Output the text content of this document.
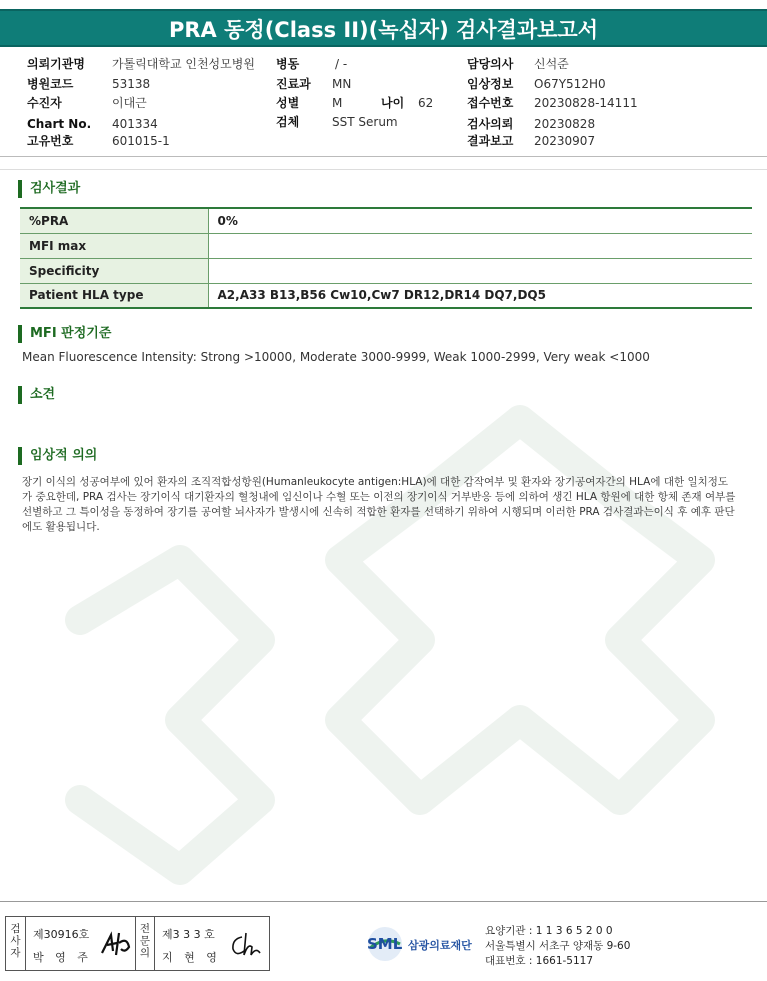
PRA 동정(Class II)(녹십자) 검사결과보고서
의뢰기관명 가톨릭대학교 인천성모병원
병원코드	53138
수진자	이대근
Chart No. 401334
고유번호	601015-1
병동	/ -
진료과 MN
성별	M	나이 62
검체	SST Serum
담당의사 신석준
임상정보 O67Y512H0
접수번호 20230828-14111
검사의뢰 20230828
결과보고 20230907
검사결과
%PRA	0%
MFI max	
Specificity	
Patient HLA type	A2,A33 B13,B56 Cw10,Cw7 DR12,DR14 DQ7,DQ5
MFI 판정기준
Mean Fluorescence Intensity: Strong >10000, Moderate 3000-9999, Weak 1000-2999, Very weak <1000
소견
임상적 의의
장기 이식의 성공여부에 있어 환자의 조직적합성항원(Humanleukocyte antigen:HLA)에 대한 감작여부 및 환자와 장기공여자간의 HLA에 대한 일치정도가 중요한데, PRA 검사는 장기이식 대기환자의 혈청내에 임신이나 수혈 또는 이전의 장기이식 거부반응 등에 의하여 생긴 HLA 항원에 대한 항체 존재 여부를 선별하고 그 특이성을 동정하여 장기를 공여할 뇌사자가 발생시에 신속히 적합한 환자를 선택하기 위하여 시행되며 이러한 PRA 검사결과는이식 후 예후 판단에도 활용됩니다.
검
사
자
제30916호
박 영 주
전
문
의
제3 3 3 호
지 현 영
SML 삼광의료재단
요양기관 : 1 1 3 6 5 2 0 0
서울특별시 서초구 양재동 9-60
대표번호 : 1661-5117
